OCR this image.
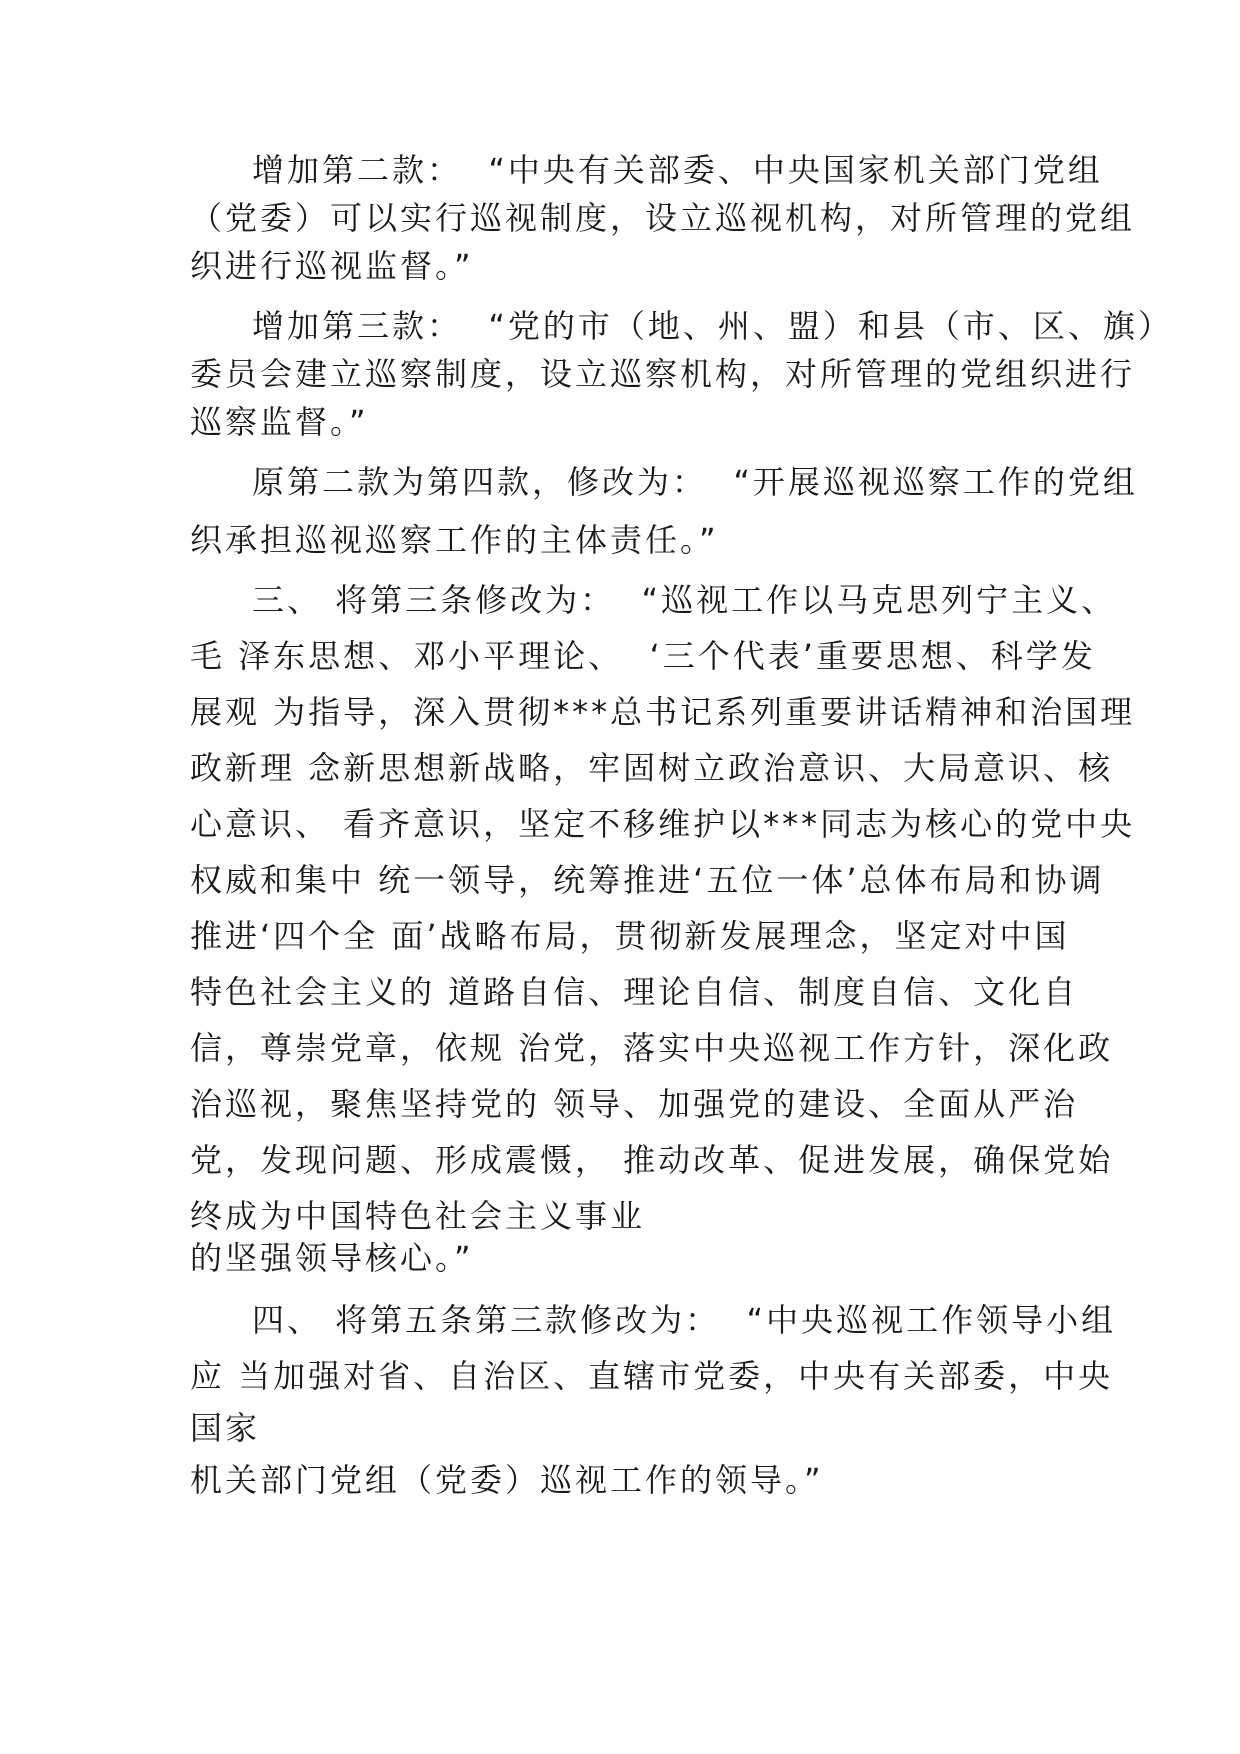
增加第二款：  “中央有关部委、中央国家机关部门党组
（党委）可以实行巡视制度，设立巡视机构，对所管理的党组
织进行巡视监督。”
增加第三款：  “党的市（地、州、盟）和县（市、区、旗）
委员会建立巡察制度，设立巡察机构，对所管理的党组织进行
巡察监督。”
原第二款为第四款，修改为：  “开展巡视巡察工作的党组
织承担巡视巡察工作的主体责任。”
三、 将第三条修改为：  “巡视工作以马克思列宁主义、
毛 泽东思想、邓小平理论、  ‘三个代表’重要思想、科学发
展观 为指导，深入贯彻***总书记系列重要讲话精神和治国理
政新理 念新思想新战略，牢固树立政治意识、大局意识、核
心意识、 看齐意识，坚定不移维护以***同志为核心的党中央
权威和集中 统一领导，统筹推进‘五位一体’总体布局和协调
推进‘四个全 面’战略布局，贯彻新发展理念，坚定对中国
特色社会主义的 道路自信、理论自信、制度自信、文化自
信，尊崇党章，依规 治党，落实中央巡视工作方针，深化政
治巡视，聚焦坚持党的 领导、加强党的建设、全面从严治
党，发现问题、形成震慑， 推动改革、促进发展，确保党始
终成为中国特色社会主义事业
的坚强领导核心。”
四、 将第五条第三款修改为：  “中央巡视工作领导小组
应 当加强对省、自治区、直辖市党委，中央有关部委，中央
国家
机关部门党组（党委）巡视工作的领导。”
